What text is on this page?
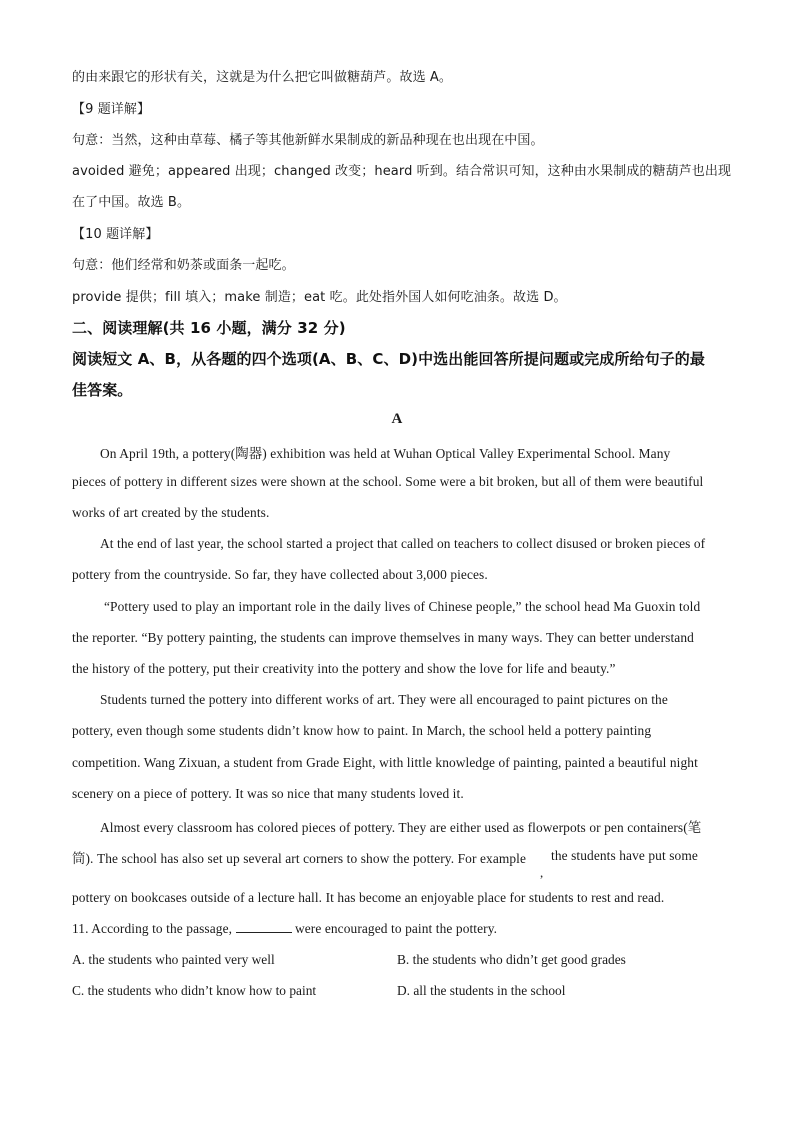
的由来跟它的形状有关，这就是为什么把它叫做糖葫芦。故选 A。
【9 题详解】
句意：当然，这种由草莓、橘子等其他新鲜水果制成的新品种现在也出现在中国。
avoided 避免；appeared 出现；changed 改变；heard 听到。结合常识可知，这种由水果制成的糖葫芦也出现
在了中国。故选 B。
【10 题详解】
句意：他们经常和奶茶或面条一起吃。
provide 提供；fill 填入；make 制造；eat 吃。此处指外国人如何吃油条。故选 D。
二、阅读理解(共 16 小题，满分 32 分)
阅读短文 A、B，从各题的四个选项(A、B、C、D)中选出能回答所提问题或完成所给句子的最
佳答案。
A
On April 19th, a pottery(陶器) exhibition was held at Wuhan Optical Valley Experimental School. Many
pieces of pottery in different sizes were shown at the school. Some were a bit broken, but all of them were beautiful
works of art created by the students.
At the end of last year, the school started a project that called on teachers to collect disused or broken pieces of
pottery from the countryside. So far, they have collected about 3,000 pieces.
“Pottery used to play an important role in the daily lives of Chinese people,” the school head Ma Guoxin told
the reporter. “By pottery painting, the students can improve themselves in many ways. They can better understand
the history of the pottery, put their creativity into the pottery and show the love for life and beauty.”
Students turned the pottery into different works of art. They were all encouraged to paint pictures on the
pottery, even though some students didn’t know how to paint. In March, the school held a pottery painting
competition. Wang Zixuan, a student from Grade Eight, with little knowledge of painting, painted a beautiful night
scenery on a piece of pottery. It was so nice that many students loved it.
Almost every classroom has colored pieces of pottery. They are either used as flowerpots or pen containers(笔
筒). The school has also set up several art corners to show the pottery. For example
,
the students have put some
pottery on bookcases outside of a lecture hall. It has become an enjoyable place for students to rest and read.
11. According to the passage,	were encouraged to paint the pottery.
A. the students who painted very well	B. the students who didn’t get good grades
C. the students who didn’t know how to paint	D. all the students in the school
